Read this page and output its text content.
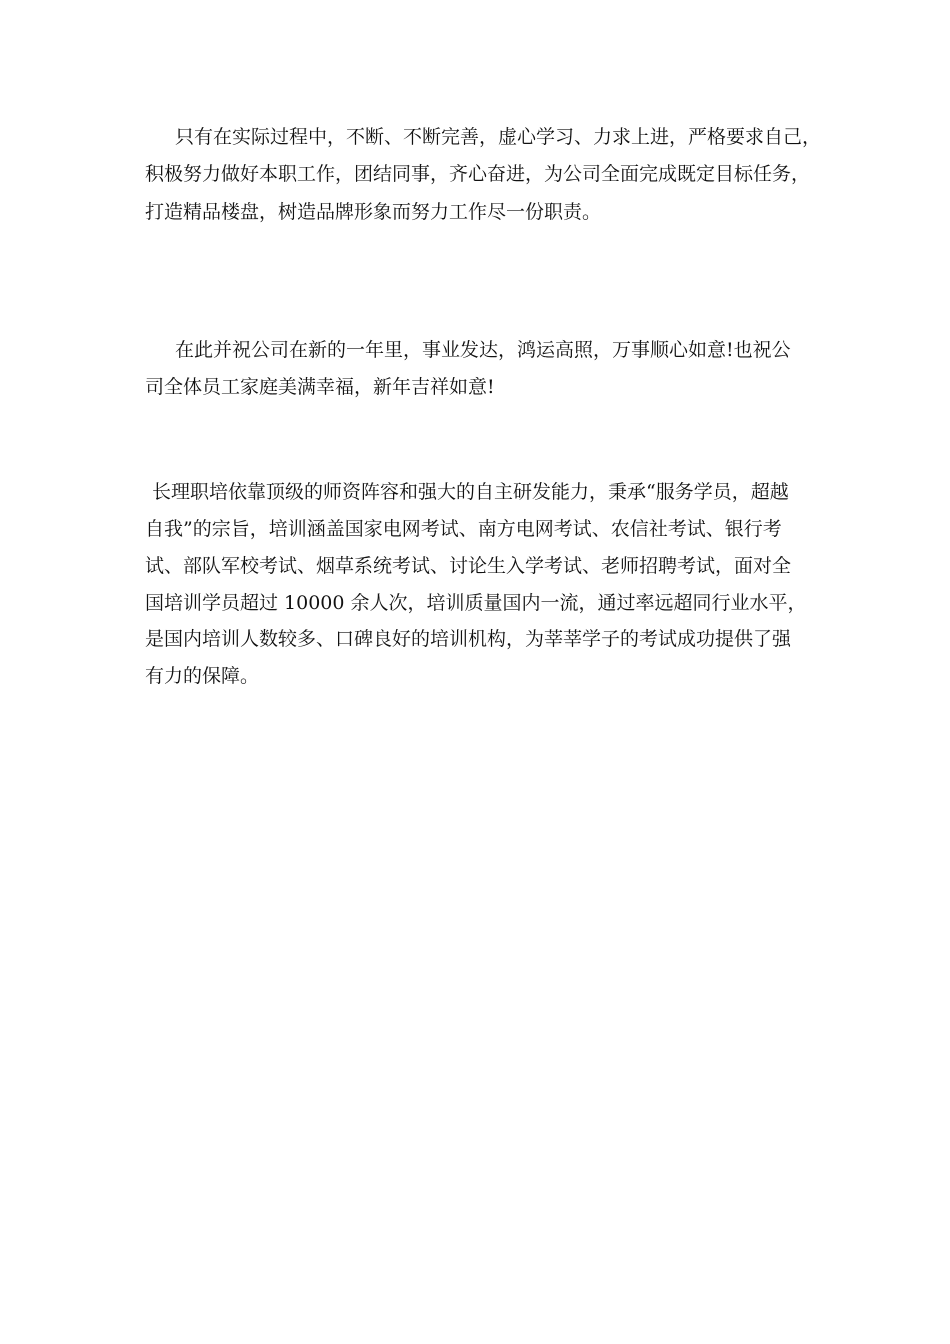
只有在实际过程中，不断、不断完善，虚心学习、力求上进，严格要求自己，
积极努力做好本职工作，团结同事，齐心奋进，为公司全面完成既定目标任务，
打造精品楼盘，树造品牌形象而努力工作尽一份职责。
在此并祝公司在新的一年里，事业发达，鸿运高照，万事顺心如意!也祝公
司全体员工家庭美满幸福，新年吉祥如意!
长理职培依靠顶级的师资阵容和强大的自主研发能力，秉承“服务学员，超越
自我”的宗旨，培训涵盖国家电网考试、南方电网考试、农信社考试、银行考
试、部队军校考试、烟草系统考试、讨论生入学考试、老师招聘考试，面对全
国培训学员超过 10000 余人次，培训质量国内一流，通过率远超同行业水平，
是国内培训人数较多、口碑良好的培训机构，为莘莘学子的考试成功提供了强
有力的保障。
